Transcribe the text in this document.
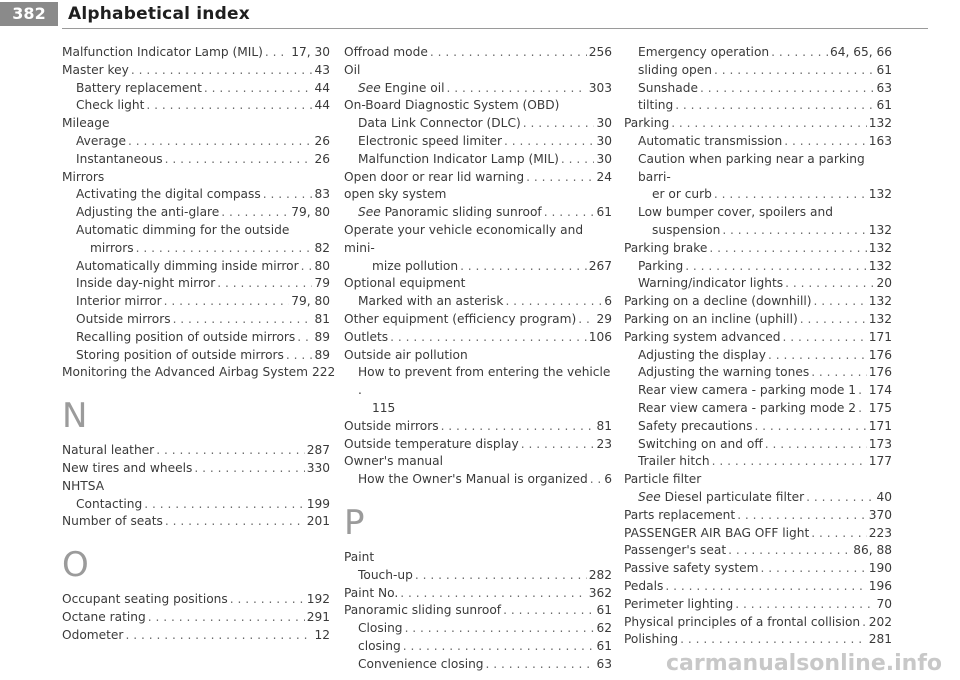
382	Alphabetical index
Malfunction Indicator Lamp (MIL) . . . 17, 30
Master key . . .	43
Battery replacement . . .	44
Check light . . .	44
Mileage
Average . . .	26
Instantaneous . . .	26
Mirrors
Activating the digital compass . . .	83
Adjusting the anti-glare . . .	79, 80
Automatic dimming for the outside
mirrors . . .	82
Automatically dimming inside mirror . . . 80
Inside day-night mirror . . .	79
Interior mirror . . .	79, 80
Outside mirrors . . .	81
Recalling position of outside mirrors . . . 89
Storing position of outside mirrors . . .	89
Monitoring the Advanced Airbag System 222
N
Natural leather . . .	287
New tires and wheels . . .	330
NHTSA
Contacting . . .	199
Number of seats . . .	201
O
Occupant seating positions . . .	192
Octane rating . . .	291
Odometer . . .	12
Offroad mode . . .	256
Oil
See Engine oil . . .	303
On-Board Diagnostic System (OBD)
Data Link Connector (DLC) . . .	30
Electronic speed limiter . . .	30
Malfunction Indicator Lamp (MIL) . . .	30
Open door or rear lid warning . . .	24
open sky system
See Panoramic sliding sunroof . . .	61
Operate your vehicle economically and mini-
mize pollution . . .	267
Optional equipment
Marked with an asterisk . . .	6
Other equipment (efficiency program) . . . 29
Outlets . . .	106
Outside air pollution
How to prevent from entering the vehicle .
115
Outside mirrors . . .	81
Outside temperature display . . .	23
Owner's manual
How the Owner's Manual is organized . . . 6
P
Paint
Touch-up . . .	282
Paint No. . . .	362
Panoramic sliding sunroof . . .	61
Closing . . .	62
closing . . .	61
Convenience closing . . .	63
Emergency operation . . .	64, 65, 66
sliding open . . .	61
Sunshade . . .	63
tilting . . .	61
Parking . . .	132
Automatic transmission . . .	163
Caution when parking near a parking barri-
er or curb . . .	132
Low bumper cover, spoilers and
suspension . . .	132
Parking brake . . .	132
Parking . . .	132
Warning/indicator lights . . .	20
Parking on a decline (downhill) . . .	132
Parking on an incline (uphill) . . .	132
Parking system advanced . . .	171
Adjusting the display . . .	176
Adjusting the warning tones . . .	176
Rear view camera - parking mode 1 . . . 174
Rear view camera - parking mode 2 . . . 175
Safety precautions . . .	171
Switching on and off . . .	173
Trailer hitch . . .	177
Particle filter
See Diesel particulate filter . . .	40
Parts replacement . . .	370
PASSENGER AIR BAG OFF light . . .	223
Passenger's seat . . .	86, 88
Passive safety system . . .	190
Pedals . . .	196
Perimeter lighting . . .	70
Physical principles of a frontal collision . . . 202
Polishing . . .	281
carmanualsonline.info
